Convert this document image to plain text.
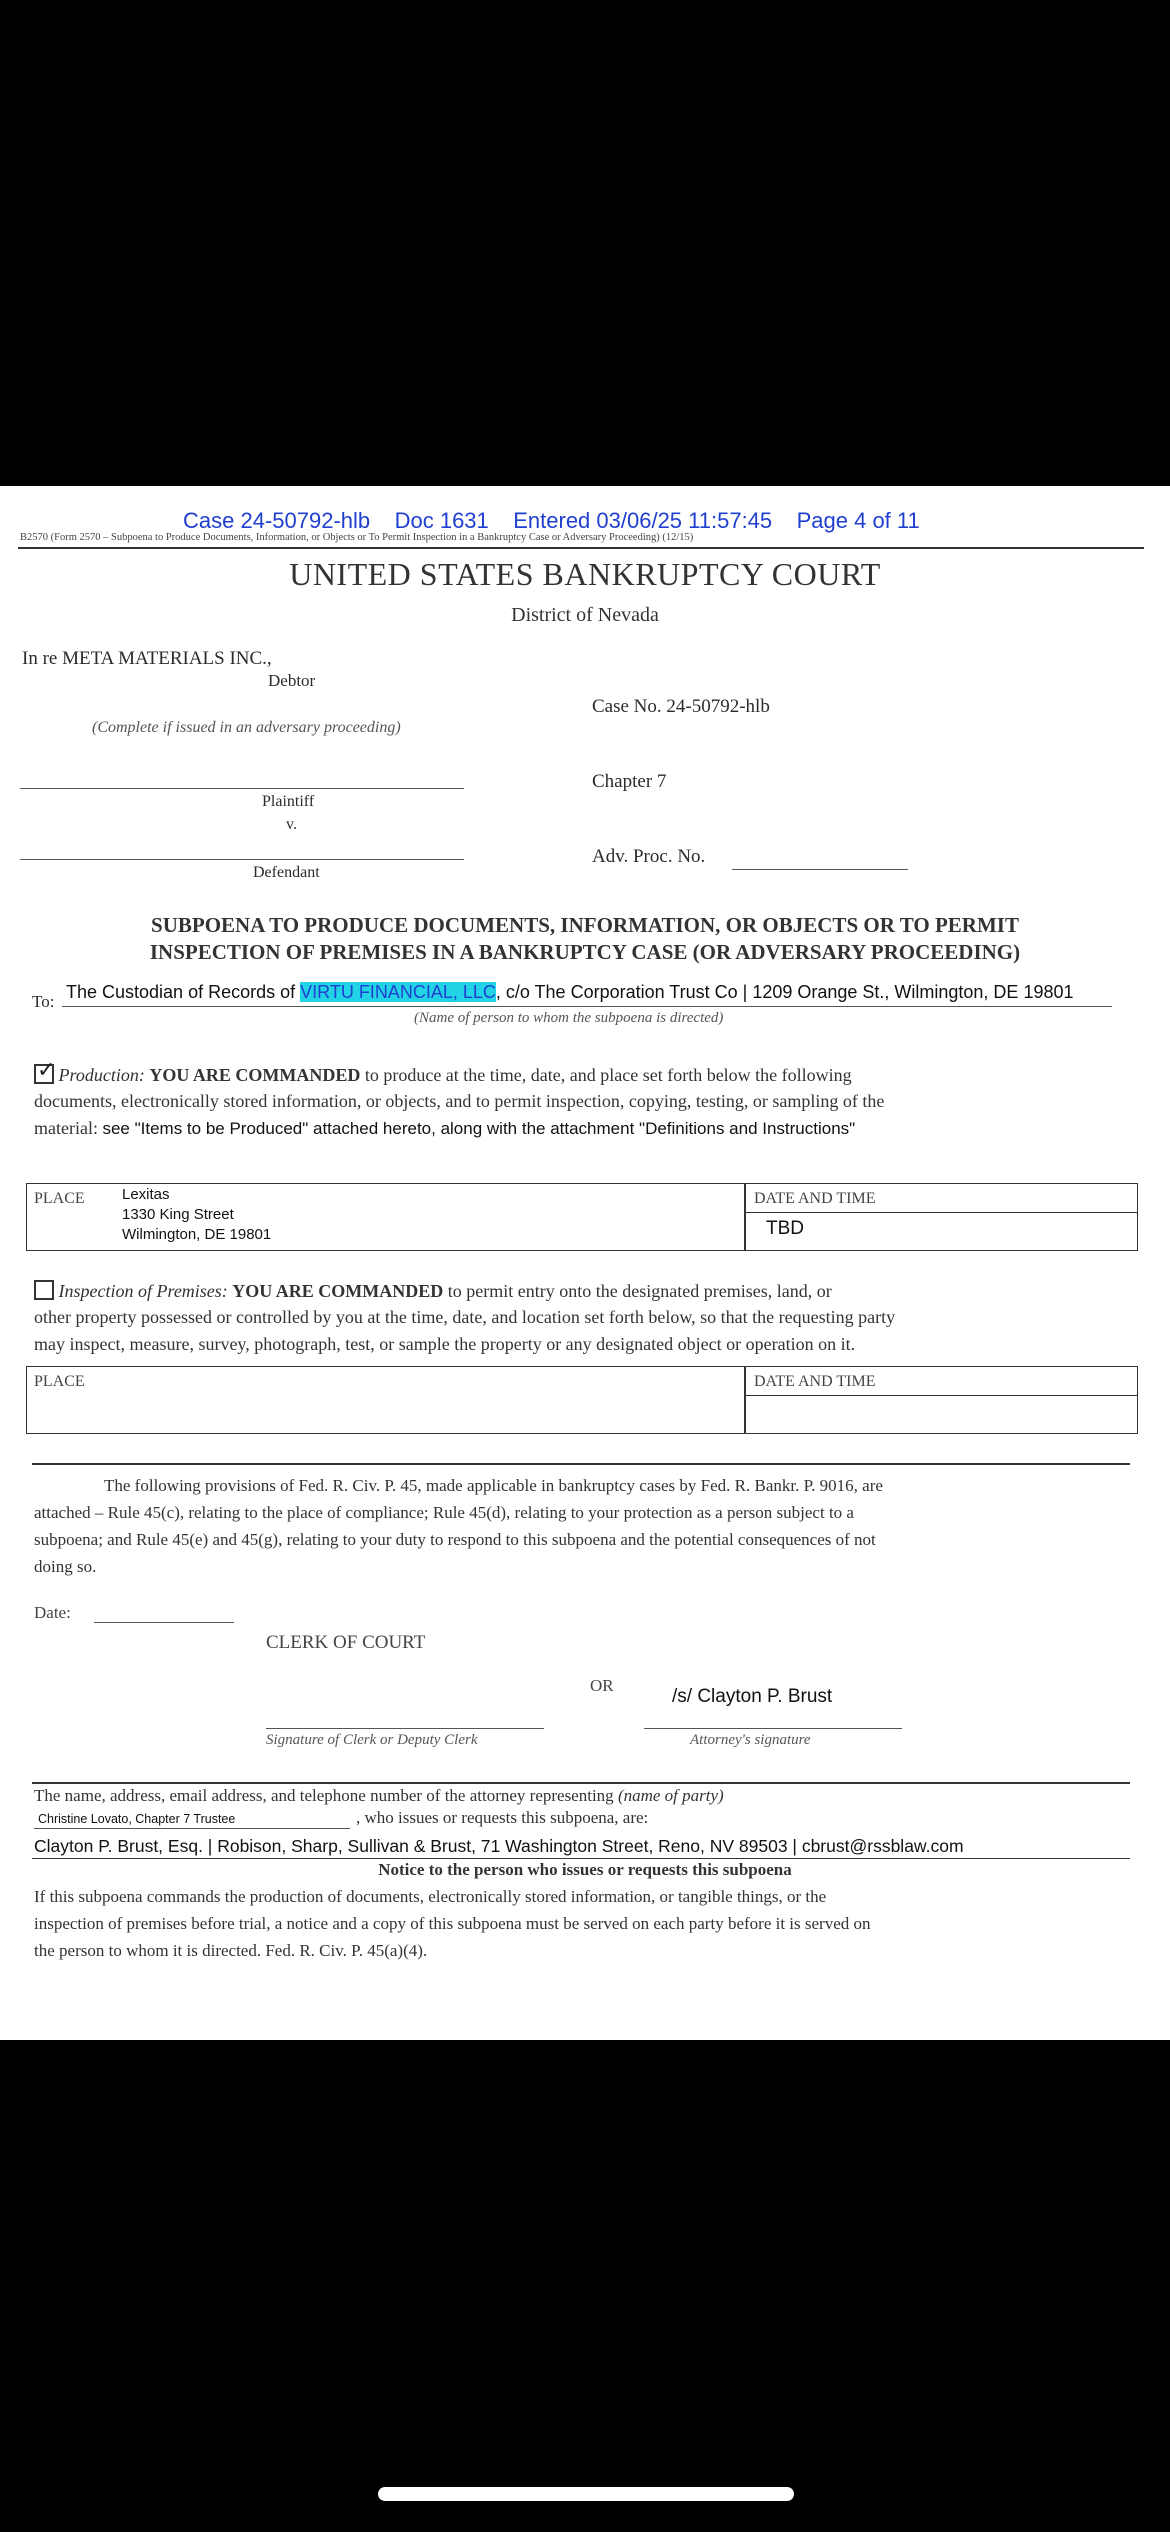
Case 24-50792-hlb Doc 1631 Entered 03/06/25 11:57:45 Page 4 of 11
B2570 (Form 2570 – Subpoena to Produce Documents, Information, or Objects or To Permit Inspection in a Bankruptcy Case or Adversary Proceeding) (12/15)
UNITED STATES BANKRUPTCY COURT
District of Nevada
In re META MATERIALS INC.,
Debtor
(Complete if issued in an adversary proceeding)
Plaintiff
v.
Defendant
Case No. 24-50792-hlb
Chapter 7
Adv. Proc. No.
SUBPOENA TO PRODUCE DOCUMENTS, INFORMATION, OR OBJECTS OR TO PERMIT
INSPECTION OF PREMISES IN A BANKRUPTCY CASE (OR ADVERSARY PROCEEDING)
To: The Custodian of Records of VIRTU FINANCIAL, LLC, c/o The Corporation Trust Co | 1209 Orange St., Wilmington, DE 19801
(Name of person to whom the subpoena is directed)
✓ Production: YOU ARE COMMANDED to produce at the time, date, and place set forth below the following
documents, electronically stored information, or objects, and to permit inspection, copying, testing, or sampling of the
material: see "Items to be Produced" attached hereto, along with the attachment "Definitions and Instructions"
PLACE Lexitas
1330 King Street
Wilmington, DE 19801
DATE AND TIME
TBD
Inspection of Premises: YOU ARE COMMANDED to permit entry onto the designated premises, land, or
other property possessed or controlled by you at the time, date, and location set forth below, so that the requesting party
may inspect, measure, survey, photograph, test, or sample the property or any designated object or operation on it.
PLACE	DATE AND TIME
The following provisions of Fed. R. Civ. P. 45, made applicable in bankruptcy cases by Fed. R. Bankr. P. 9016, are
attached – Rule 45(c), relating to the place of compliance; Rule 45(d), relating to your protection as a person subject to a
subpoena; and Rule 45(e) and 45(g), relating to your duty to respond to this subpoena and the potential consequences of not
doing so.
Date:
CLERK OF COURT
OR
/s/ Clayton P. Brust
Signature of Clerk or Deputy Clerk	Attorney's signature
The name, address, email address, and telephone number of the attorney representing (name of party)
Christine Lovato, Chapter 7 Trustee	, who issues or requests this subpoena, are:
Clayton P. Brust, Esq. | Robison, Sharp, Sullivan & Brust, 71 Washington Street, Reno, NV 89503 | cbrust@rssblaw.com
Notice to the person who issues or requests this subpoena
If this subpoena commands the production of documents, electronically stored information, or tangible things, or the
inspection of premises before trial, a notice and a copy of this subpoena must be served on each party before it is served on
the person to whom it is directed. Fed. R. Civ. P. 45(a)(4).
